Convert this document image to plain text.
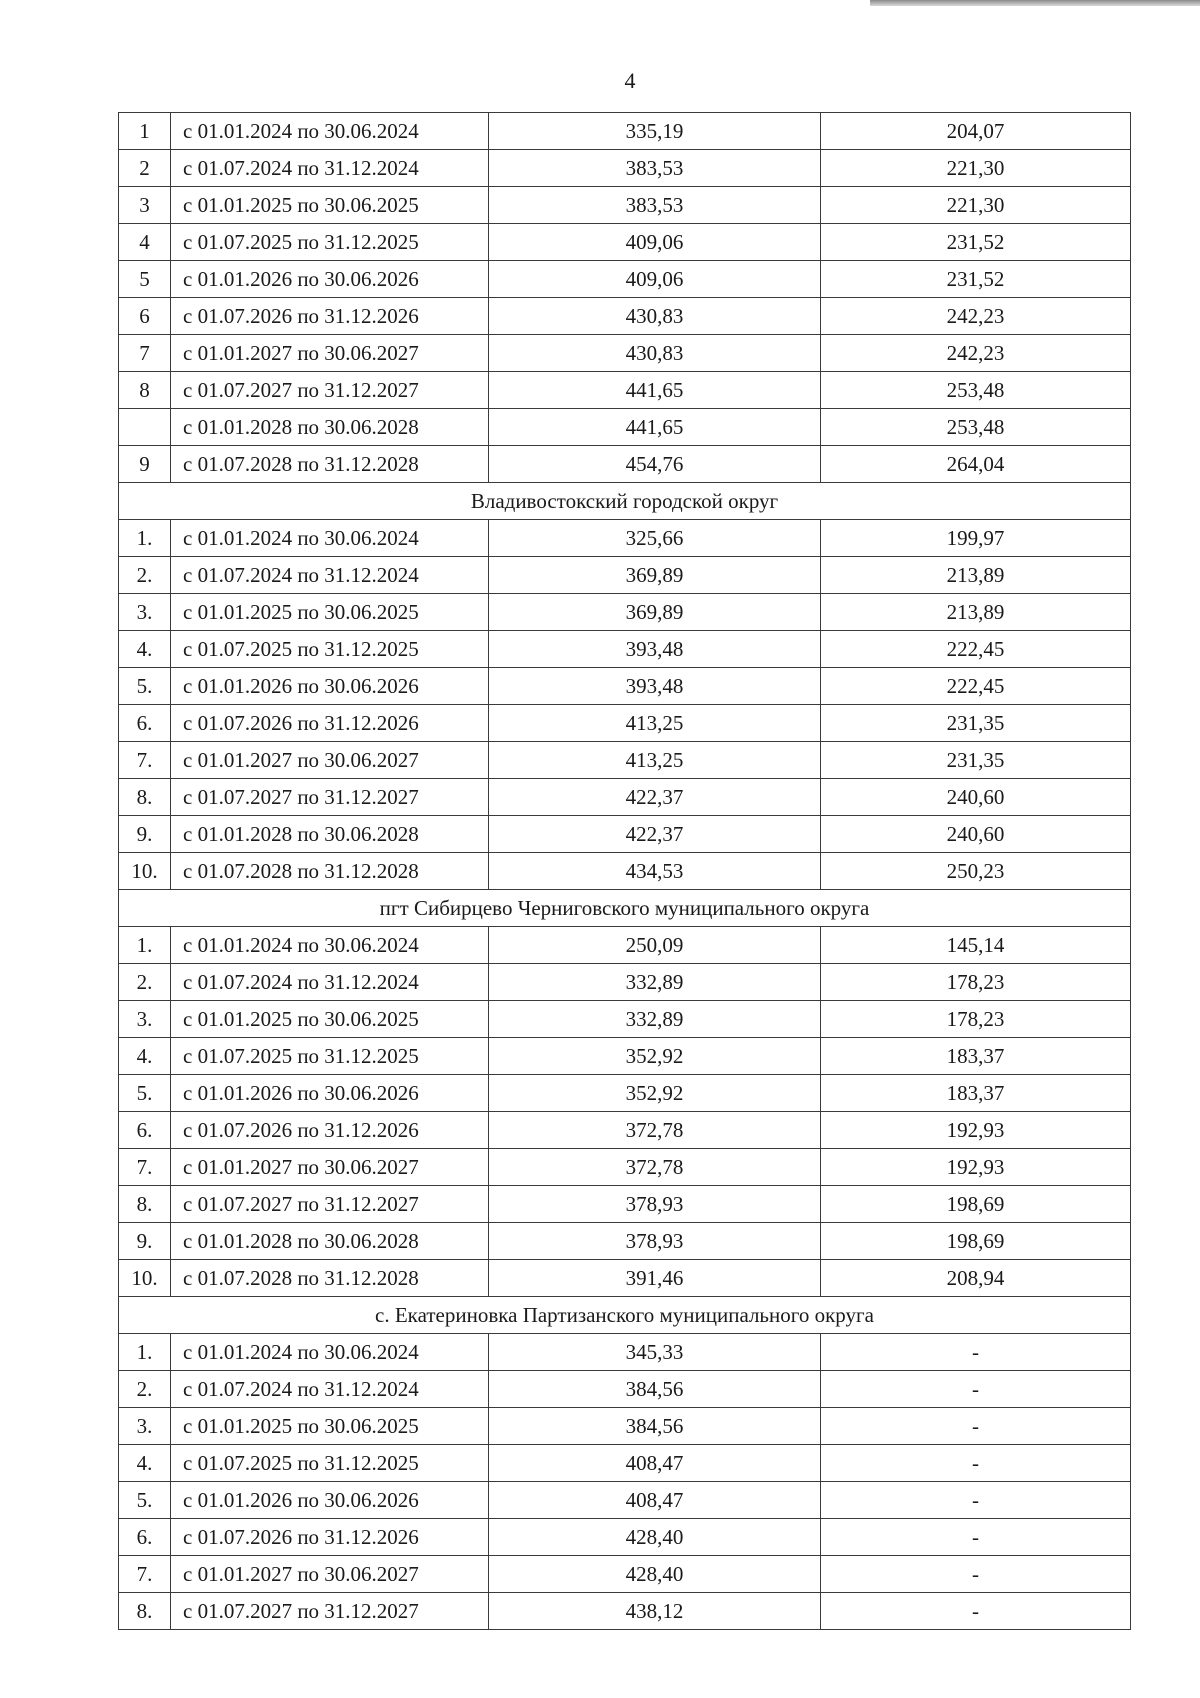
4
1	с 01.01.2024 по 30.06.2024	335,19	204,07
2	с 01.07.2024 по 31.12.2024	383,53	221,30
3	с 01.01.2025 по 30.06.2025	383,53	221,30
4	с 01.07.2025 по 31.12.2025	409,06	231,52
5	с 01.01.2026 по 30.06.2026	409,06	231,52
6	с 01.07.2026 по 31.12.2026	430,83	242,23
7	с 01.01.2027 по 30.06.2027	430,83	242,23
8	с 01.07.2027 по 31.12.2027	441,65	253,48
	с 01.01.2028 по 30.06.2028	441,65	253,48
9	с 01.07.2028 по 31.12.2028	454,76	264,04
Владивостокский городской округ			
1.	с 01.01.2024 по 30.06.2024	325,66	199,97
2.	с 01.07.2024 по 31.12.2024	369,89	213,89
3.	с 01.01.2025 по 30.06.2025	369,89	213,89
4.	с 01.07.2025 по 31.12.2025	393,48	222,45
5.	с 01.01.2026 по 30.06.2026	393,48	222,45
6.	с 01.07.2026 по 31.12.2026	413,25	231,35
7.	с 01.01.2027 по 30.06.2027	413,25	231,35
8.	с 01.07.2027 по 31.12.2027	422,37	240,60
9.	с 01.01.2028 по 30.06.2028	422,37	240,60
10.	с 01.07.2028 по 31.12.2028	434,53	250,23
пгт Сибирцево Черниговского муниципального округа			
1.	с 01.01.2024 по 30.06.2024	250,09	145,14
2.	с 01.07.2024 по 31.12.2024	332,89	178,23
3.	с 01.01.2025 по 30.06.2025	332,89	178,23
4.	с 01.07.2025 по 31.12.2025	352,92	183,37
5.	с 01.01.2026 по 30.06.2026	352,92	183,37
6.	с 01.07.2026 по 31.12.2026	372,78	192,93
7.	с 01.01.2027 по 30.06.2027	372,78	192,93
8.	с 01.07.2027 по 31.12.2027	378,93	198,69
9.	с 01.01.2028 по 30.06.2028	378,93	198,69
10.	с 01.07.2028 по 31.12.2028	391,46	208,94
с. Екатериновка Партизанского муниципального округа			
1.	с 01.01.2024 по 30.06.2024	345,33	-
2.	с 01.07.2024 по 31.12.2024	384,56	-
3.	с 01.01.2025 по 30.06.2025	384,56	-
4.	с 01.07.2025 по 31.12.2025	408,47	-
5.	с 01.01.2026 по 30.06.2026	408,47	-
6.	с 01.07.2026 по 31.12.2026	428,40	-
7.	с 01.01.2027 по 30.06.2027	428,40	-
8.	с 01.07.2027 по 31.12.2027	438,12	-
